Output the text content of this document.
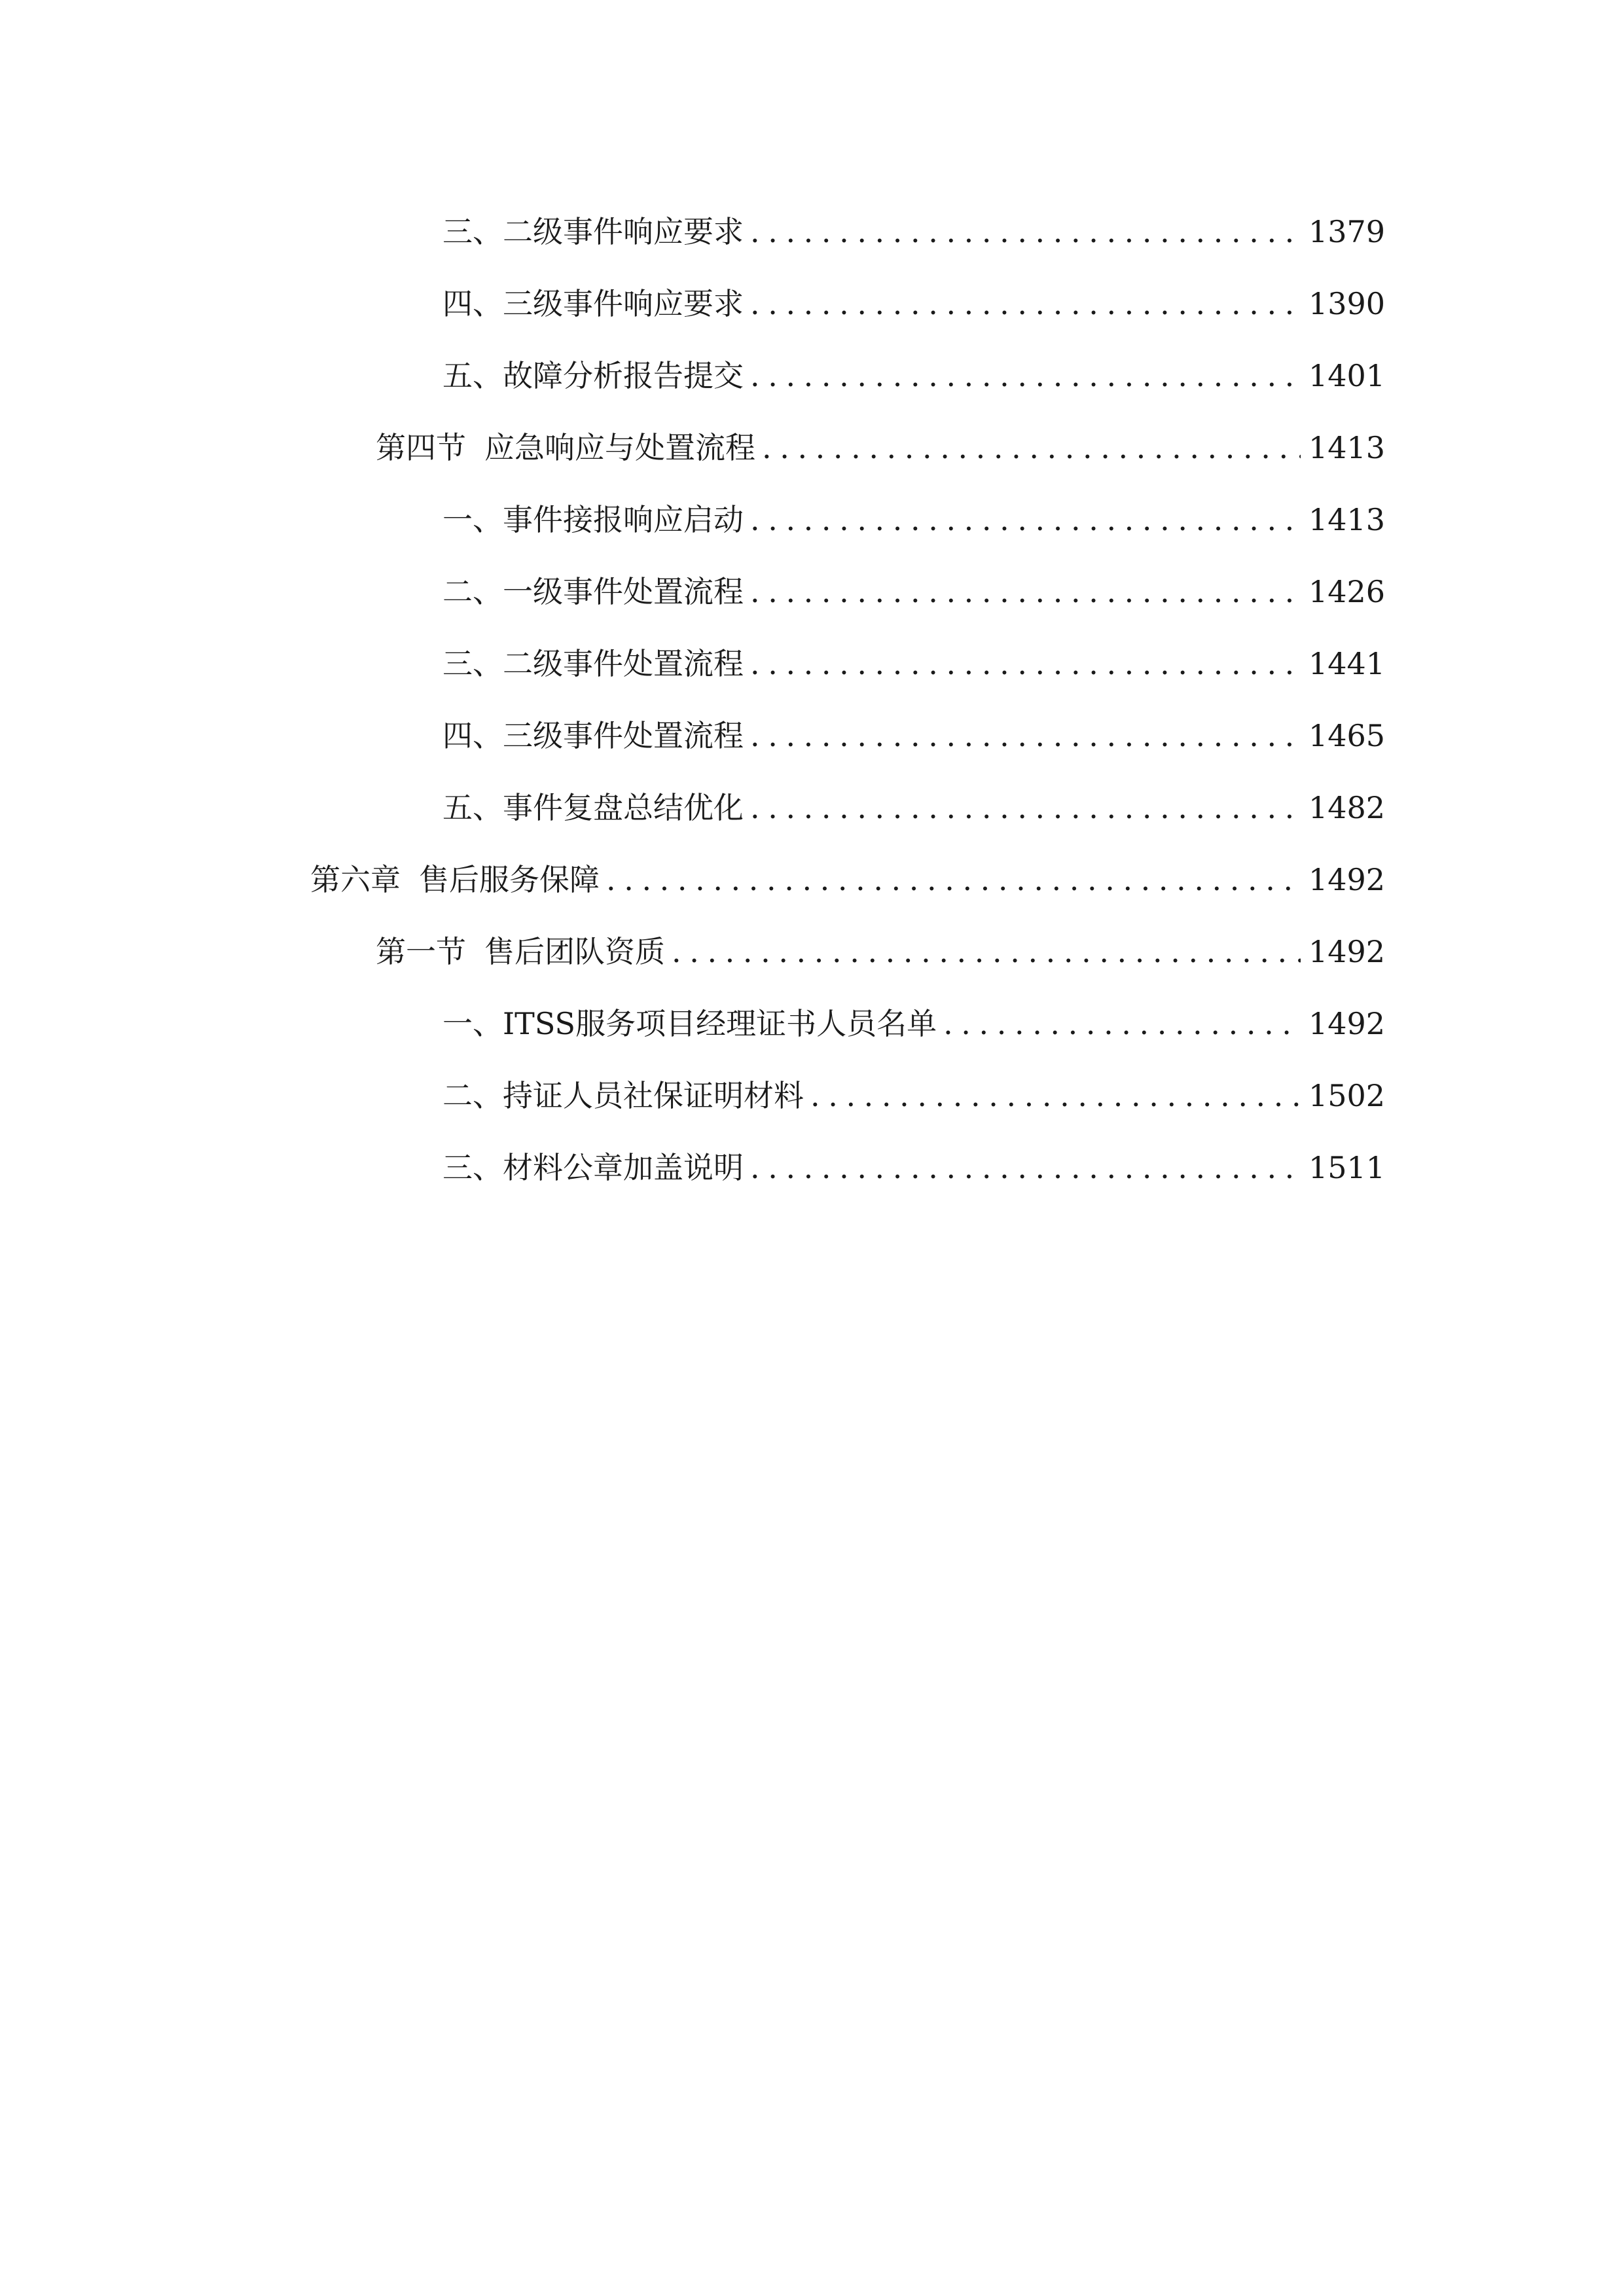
三、 二级事件响应要求 .....	1379
四、 三级事件响应要求 .....	1390
五、 故障分析报告提交 .....	1401
第四节 应急响应与处置流程 .....	1413
一、 事件接报响应启动 .....	1413
二、 一级事件处置流程 .....	1426
三、 二级事件处置流程 .....	1441
四、 三级事件处置流程 .....	1465
五、 事件复盘总结优化 .....	1482
第六章 售后服务保障 .....	1492
第一节 售后团队资质 .....	1492
一、 ITSS服务项目经理证书人员名单 .....	1492
二、 持证人员社保证明材料 .....	1502
三、 材料公章加盖说明 .....	1511
